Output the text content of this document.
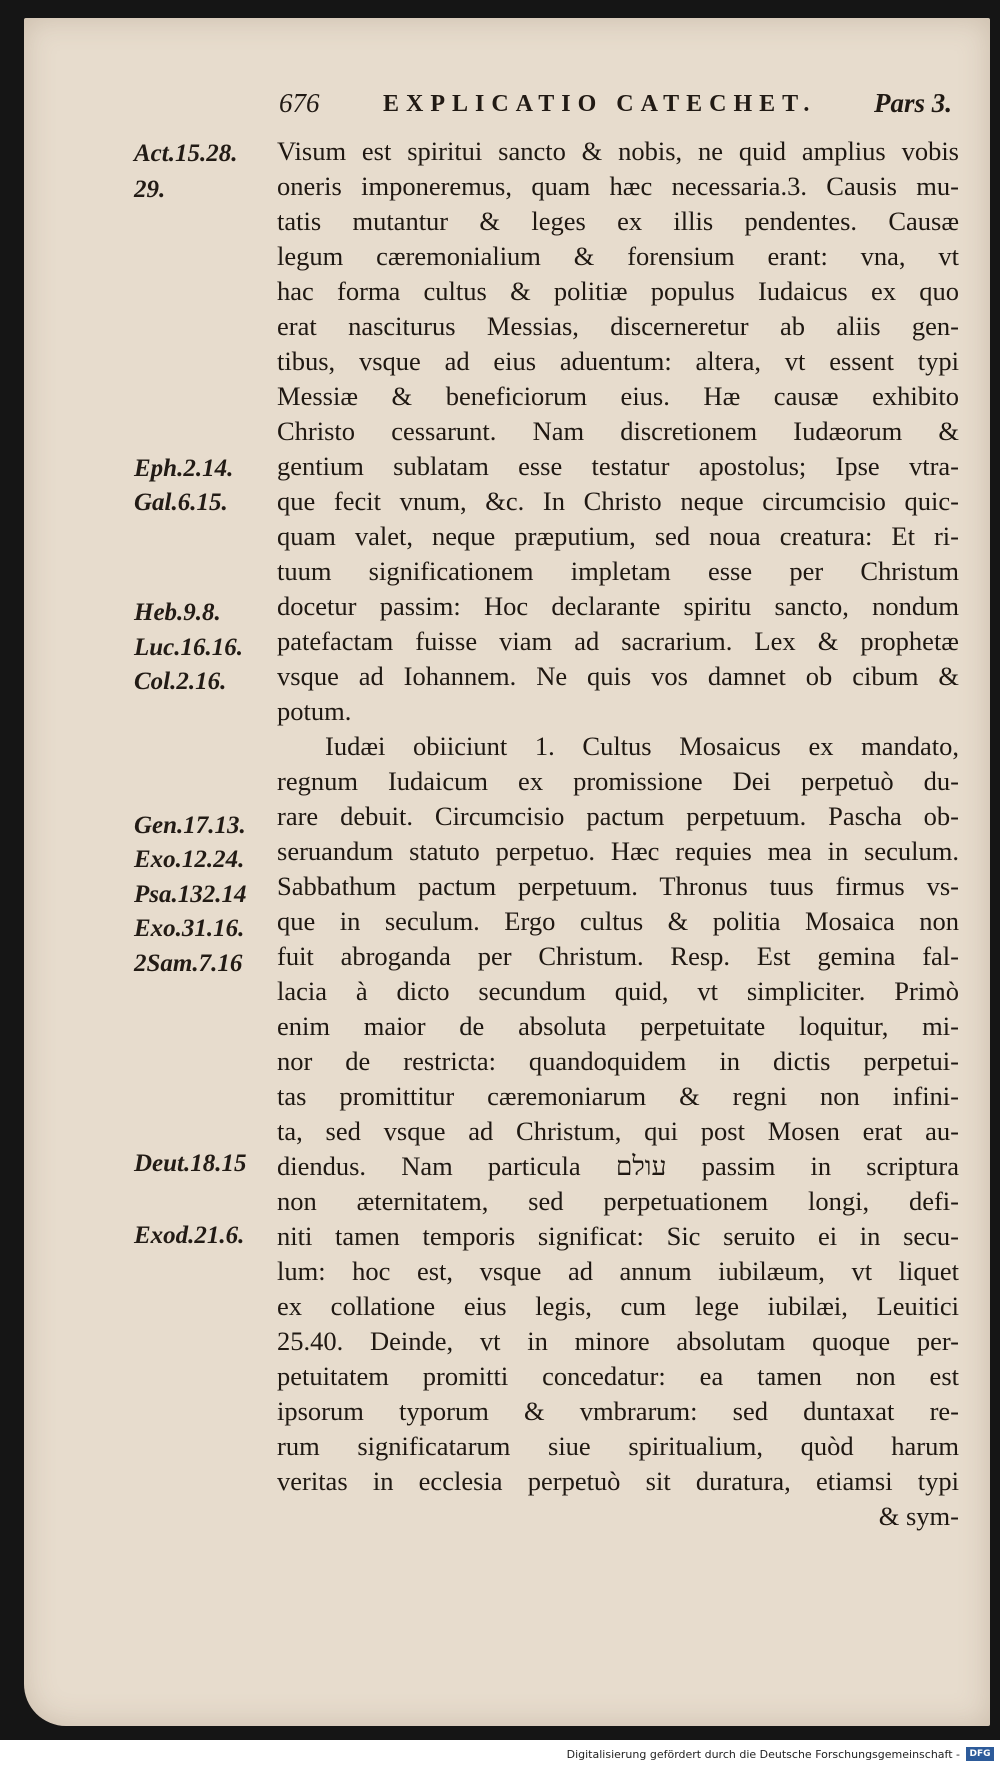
676	EXPLICATIO CATECHET. Pars 3.
Act.15.28.
29.
Eph.2.14.
Gal.6.15.
Heb.9.8.
Luc.16.16.
Col.2.16.
Gen.17.13.
Exo.12.24.
Psa.132.14
Exo.31.16.
2Sam.7.16
Deut.18.15
Exod.21.6.
Visum est spiritui sancto & nobis, ne quid amplius vobis
oneris imponeremus, quam hæc necessaria.3. Causis mu-
tatis mutantur & leges ex illis pendentes. Causæ
legum cæremonialium & forensium erant: vna, vt
hac forma cultus & politiæ populus Iudaicus ex quo
erat nasciturus Messias, discerneretur ab aliis gen-
tibus, vsque ad eius aduentum: altera, vt essent typi
Messiæ & beneficiorum eius. Hæ causæ exhibito
Christo cessarunt. Nam discretionem Iudæorum &
gentium sublatam esse testatur apostolus; Ipse vtra-
que fecit vnum, &c. In Christo neque circumcisio quic-
quam valet, neque præputium, sed noua creatura: Et ri-
tuum significationem impletam esse per Christum
docetur passim: Hoc declarante spiritu sancto, nondum
patefactam fuisse viam ad sacrarium. Lex & prophetæ
vsque ad Iohannem. Ne quis vos damnet ob cibum &
potum.
Iudæi obiiciunt 1. Cultus Mosaicus ex mandato,
regnum Iudaicum ex promissione Dei perpetuò du-
rare debuit. Circumcisio pactum perpetuum. Pascha ob-
seruandum statuto perpetuo. Hæc requies mea in seculum.
Sabbathum pactum perpetuum. Thronus tuus firmus vs-
que in seculum. Ergo cultus & politia Mosaica non
fuit abroganda per Christum. Resp. Est gemina fal-
lacia à dicto secundum quid, vt simpliciter. Primò
enim maior de absoluta perpetuitate loquitur, mi-
nor de restricta: quandoquidem in dictis perpetui-
tas promittitur cæremoniarum & regni non infini-
ta, sed vsque ad Christum, qui post Mosen erat au-
diendus. Nam particula עולם passim in scriptura
non æternitatem, sed perpetuationem longi, defi-
niti tamen temporis significat: Sic seruito ei in secu-
lum: hoc est, vsque ad annum iubilæum, vt liquet
ex collatione eius legis, cum lege iubilæi, Leuitici
25.40. Deinde, vt in minore absolutam quoque per-
petuitatem promitti concedatur: ea tamen non est
ipsorum typorum & vmbrarum: sed duntaxat re-
rum significatarum siue spiritualium, quòd harum
veritas in ecclesia perpetuò sit duratura, etiamsi typi
& sym-
Digitalisierung gefördert durch die Deutsche Forschungsgemeinschaft -	DFG
